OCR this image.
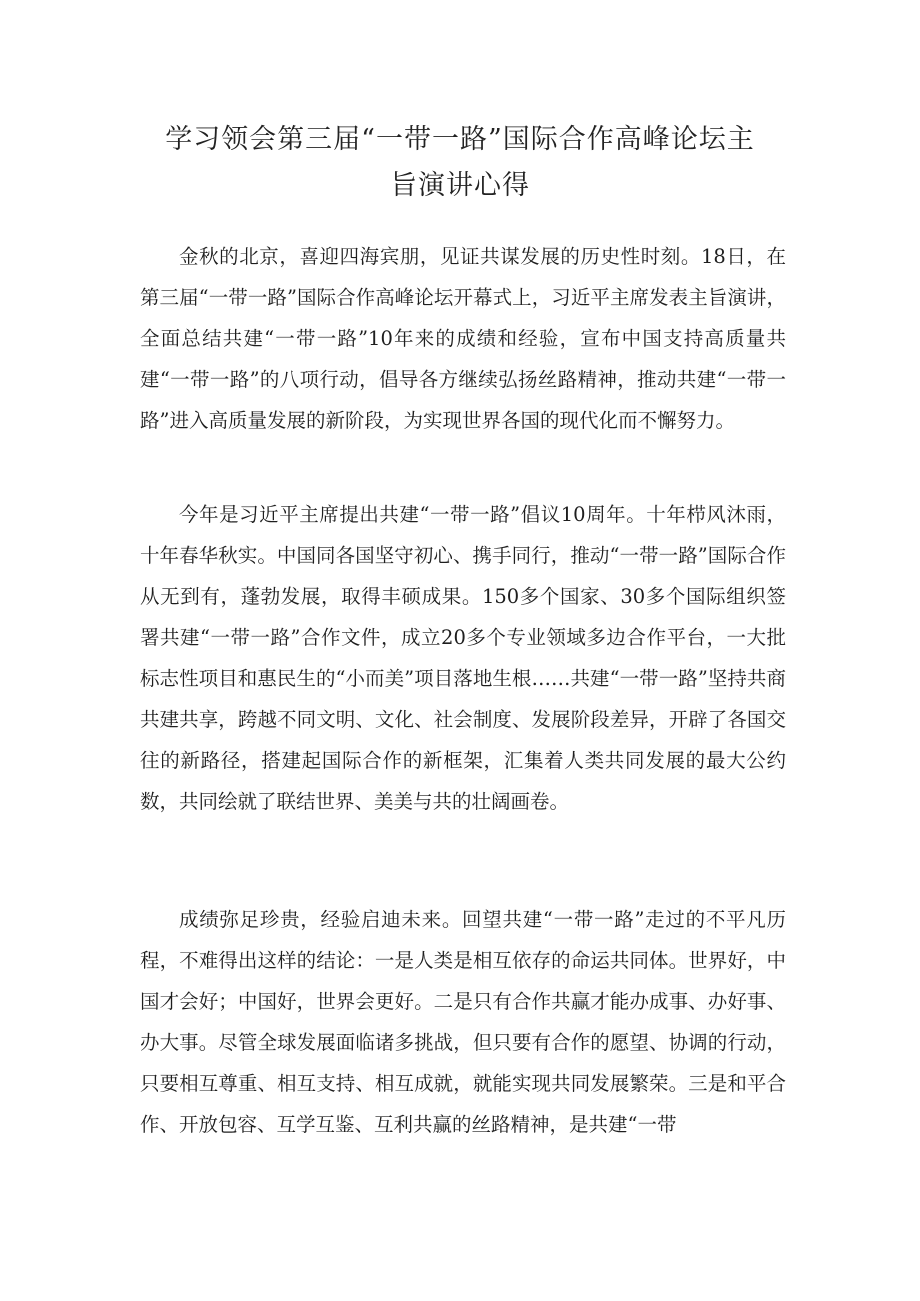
学习领会第三届“一带一路”国际合作高峰论坛主
旨演讲心得

金秋的北京，喜迎四海宾朋，见证共谋发展的历史性时刻。18日，在第三届“一带一路”国际合作高峰论坛开幕式上，习近平主席发表主旨演讲，全面总结共建“一带一路”10年来的成绩和经验，宣布中国支持高质量共建“一带一路”的八项行动，倡导各方继续弘扬丝路精神，推动共建“一带一路”进入高质量发展的新阶段，为实现世界各国的现代化而不懈努力。

今年是习近平主席提出共建“一带一路”倡议10周年。十年栉风沐雨，十年春华秋实。中国同各国坚守初心、携手同行，推动“一带一路”国际合作从无到有，蓬勃发展，取得丰硕成果。150多个国家、30多个国际组织签署共建“一带一路”合作文件，成立20多个专业领域多边合作平台，一大批标志性项目和惠民生的“小而美”项目落地生根……共建“一带一路”坚持共商共建共享，跨越不同文明、文化、社会制度、发展阶段差异，开辟了各国交往的新路径，搭建起国际合作的新框架，汇集着人类共同发展的最大公约数，共同绘就了联结世界、美美与共的壮阔画卷。

成绩弥足珍贵，经验启迪未来。回望共建“一带一路”走过的不平凡历程，不难得出这样的结论：一是人类是相互依存的命运共同体。世界好，中国才会好；中国好，世界会更好。二是只有合作共赢才能办成事、办好事、办大事。尽管全球发展面临诸多挑战，但只要有合作的愿望、协调的行动，只要相互尊重、相互支持、相互成就，就能实现共同发展繁荣。三是和平合作、开放包容、互学互鉴、互利共赢的丝路精神，是共建“一带
